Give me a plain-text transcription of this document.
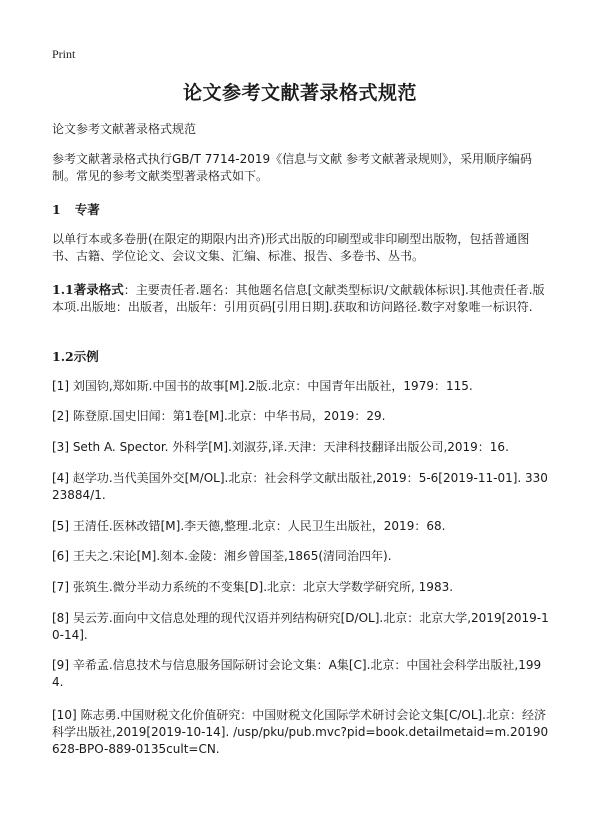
Print
论文参考文献著录格式规范

论文参考文献著录格式规范

参考文献著录格式执行GB/T 7714-2019《信息与文献 参考文献著录规则》，采用顺序编码制。常见的参考文献类型著录格式如下。

1 专著

以单行本或多卷册(在限定的期限内出齐)形式出版的印刷型或非印刷型出版物，包括普通图书、古籍、学位论文、会议文集、汇编、标准、报告、多卷书、丛书。

1.1著录格式：主要责任者.题名：其他题名信息[文献类型标识/文献载体标识].其他责任者.版本项.出版地：出版者，出版年：引用页码[引用日期].获取和访问路径.数字对象唯一标识符.

1.2示例

[1] 刘国钧,郑如斯.中国书的故事[M].2版.北京：中国青年出版社，1979：115.

[2] 陈登原.国史旧闻：第1卷[M].北京：中华书局，2019：29.

[3] Seth A. Spector. 外科学[M].刘淑芬,译.天津：天津科技翻译出版公司,2019：16.

[4] 赵学功.当代美国外交[M/OL].北京：社会科学文献出版社,2019：5-6[2019-11-01]. 33023884/1.

[5] 王清任.医林改错[M].李天德,整理.北京：人民卫生出版社，2019：68.

[6] 王夫之.宋论[M].刻本.金陵：湘乡曾国荃,1865(清同治四年).

[7] 张筑生.微分半动力系统的不变集[D].北京：北京大学数学研究所, 1983.

[8] 吴云芳.面向中文信息处理的现代汉语并列结构研究[D/OL].北京：北京大学,2019[2019-10-14].

[9] 辛希孟.信息技术与信息服务国际研讨会论文集：A集[C].北京：中国社会科学出版社,1994.

[10] 陈志勇.中国财税文化价值研究：中国财税文化国际学术研讨会论文集[C/OL].北京：经济科学出版社,2019[2019-10-14]. /usp/pku/pub.mvc?pid=book.detailmetaid=m.20190628-BPO-889-0135cult=CN.
